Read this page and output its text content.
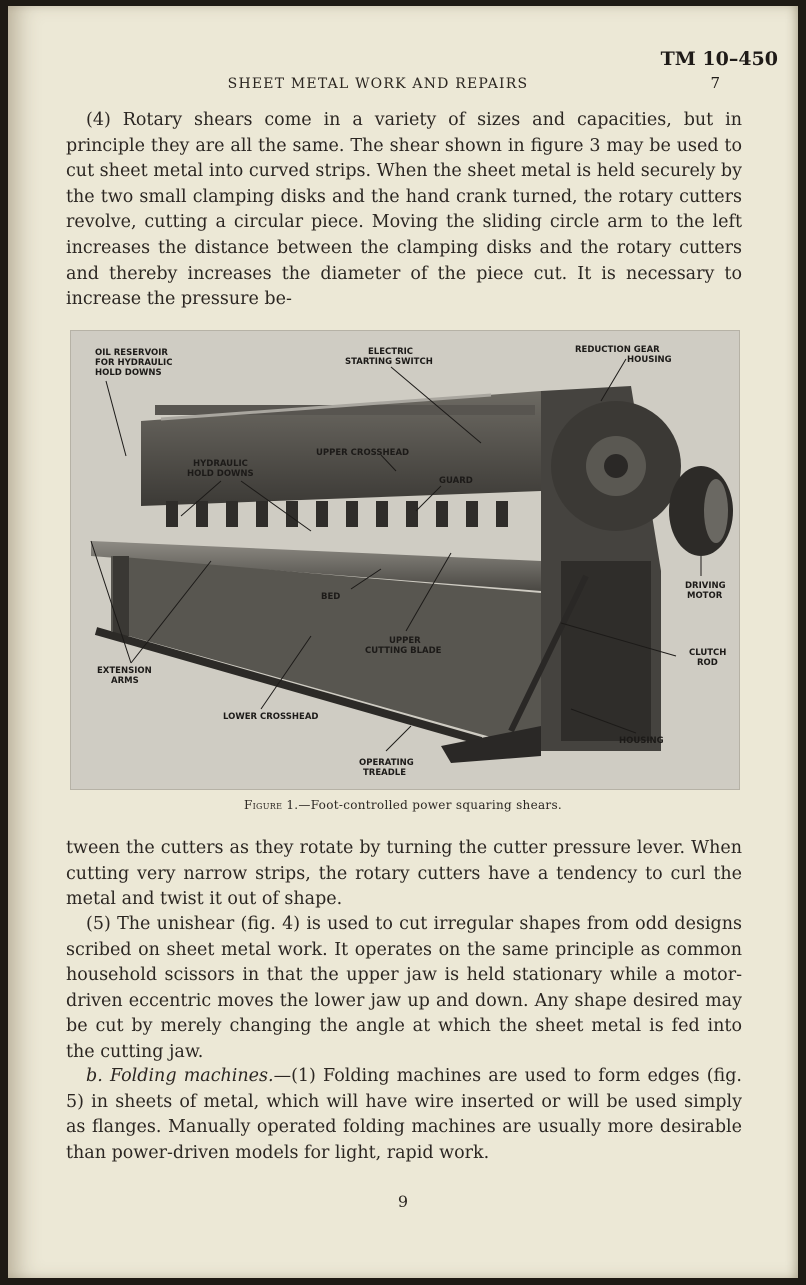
TM 10–450
SHEET METAL WORK AND REPAIRS	7

(4) Rotary shears come in a variety of sizes and capacities, but in principle they are all the same. The shear shown in figure 3 may be used to cut sheet metal into curved strips. When the sheet metal is held securely by the two small clamping disks and the hand crank turned, the rotary cutters revolve, cutting a circular piece. Moving the sliding circle arm to the left increases the distance between the clamping disks and the rotary cutters and thereby increases the diameter of the piece cut. It is necessary to increase the pressure be-

OIL RESERVOIR
FOR HYDRAULIC
HOLD DOWNS
ELECTRIC
STARTING SWITCH
REDUCTION GEAR
HOUSING
UPPER CROSSHEAD
HYDRAULIC
HOLD DOWNS
GUARD
BED
DRIVING
MOTOR
UPPER
CUTTING BLADE	CLUTCH
ROD
EXTENSION
ARMS
LOWER CROSSHEAD
HOUSING
OPERATING
TREADLE
Figure 1.—Foot-controlled power squaring shears.

tween the cutters as they rotate by turning the cutter pressure lever. When cutting very narrow strips, the rotary cutters have a tendency to curl the metal and twist it out of shape.

(5) The unishear (fig. 4) is used to cut irregular shapes from odd designs scribed on sheet metal work. It operates on the same principle as common household scissors in that the upper jaw is held stationary while a motor-driven eccentric moves the lower jaw up and down. Any shape desired may be cut by merely changing the angle at which the sheet metal is fed into the cutting jaw.

b. Folding machines.—(1) Folding machines are used to form edges (fig. 5) in sheets of metal, which will have wire inserted or will be used simply as flanges. Manually operated folding machines are usually more desirable than power-driven models for light, rapid work.

9
